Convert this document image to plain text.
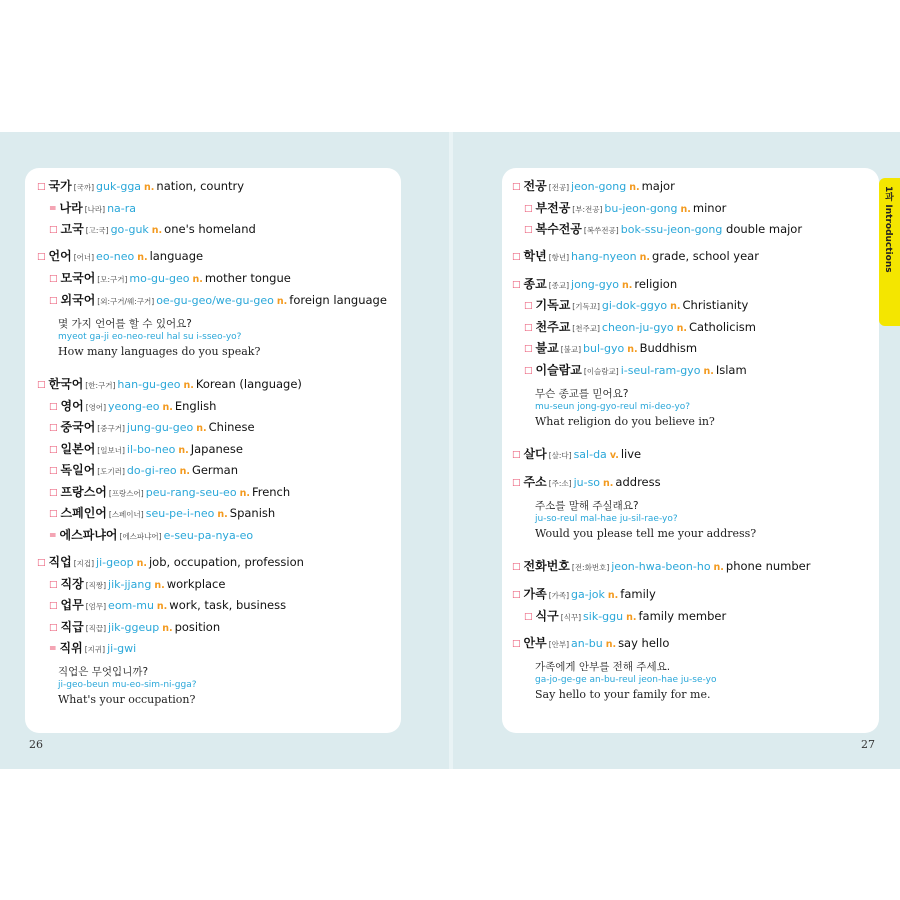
□ 국가 [국까] guk-gga n. nation, country
= 나라 [나라] na-ra
□ 고국 [고:국] go-guk n. one's homeland
□ 언어 [어너] eo-neo n. language
□ 모국어 [모:구거] mo-gu-geo n. mother tongue
□ 외국어 [외:구거/웨:구거] oe-gu-geo/we-gu-geo n. foreign language
몇 가지 언어를 할 수 있어요?
myeot ga-ji eo-neo-reul hal su i-sseo-yo?
How many languages do you speak?
□ 한국어 [한:구거] han-gu-geo n. Korean (language)
□ 영어 [영어] yeong-eo n. English
□ 중국어 [중구거] jung-gu-geo n. Chinese
□ 일본어 [일보너] il-bo-neo n. Japanese
□ 독일어 [도기러] do-gi-reo n. German
□ 프랑스어 [프랑스어] peu-rang-seu-eo n. French
□ 스페인어 [스페이너] seu-pe-i-neo n. Spanish
= 에스파냐어 [에스파냐어] e-seu-pa-nya-eo
□ 직업 [지겁] ji-geop n. job, occupation, profession
□ 직장 [직짱] jik-jjang n. workplace
□ 업무 [엄무] eom-mu n. work, task, business
□ 직급 [직끕] jik-ggeup n. position
= 직위 [지귀] ji-gwi
직업은 무엇입니까?
ji-geo-beun mu-eo-sim-ni-gga?
What's your occupation?
26
□ 전공 [전공] jeon-gong n. major
□ 부전공 [부:전공] bu-jeon-gong n. minor
□ 복수전공 [복쑤전공] bok-ssu-jeon-gong double major
□ 학년 [항년] hang-nyeon n. grade, school year
□ 종교 [종교] jong-gyo n. religion
□ 기독교 [기독꾜] gi-dok-ggyo n. Christianity
□ 천주교 [천주교] cheon-ju-gyo n. Catholicism
□ 불교 [불교] bul-gyo n. Buddhism
□ 이슬람교 [이슬람교] i-seul-ram-gyo n. Islam
무슨 종교를 믿어요?
mu-seun jong-gyo-reul mi-deo-yo?
What religion do you believe in?
□ 살다 [살:다] sal-da v. live
□ 주소 [주:소] ju-so n. address
주소를 말해 주실래요?
ju-so-reul mal-hae ju-sil-rae-yo?
Would you please tell me your address?
□ 전화번호 [전:화번호] jeon-hwa-beon-ho n. phone number
□ 가족 [가족] ga-jok n. family
□ 식구 [식꾸] sik-ggu n. family member
□ 안부 [안부] an-bu n. say hello
가족에게 안부를 전해 주세요.
ga-jo-ge-ge an-bu-reul jeon-hae ju-se-yo
Say hello to your family for me.
27
1과 Introductions
